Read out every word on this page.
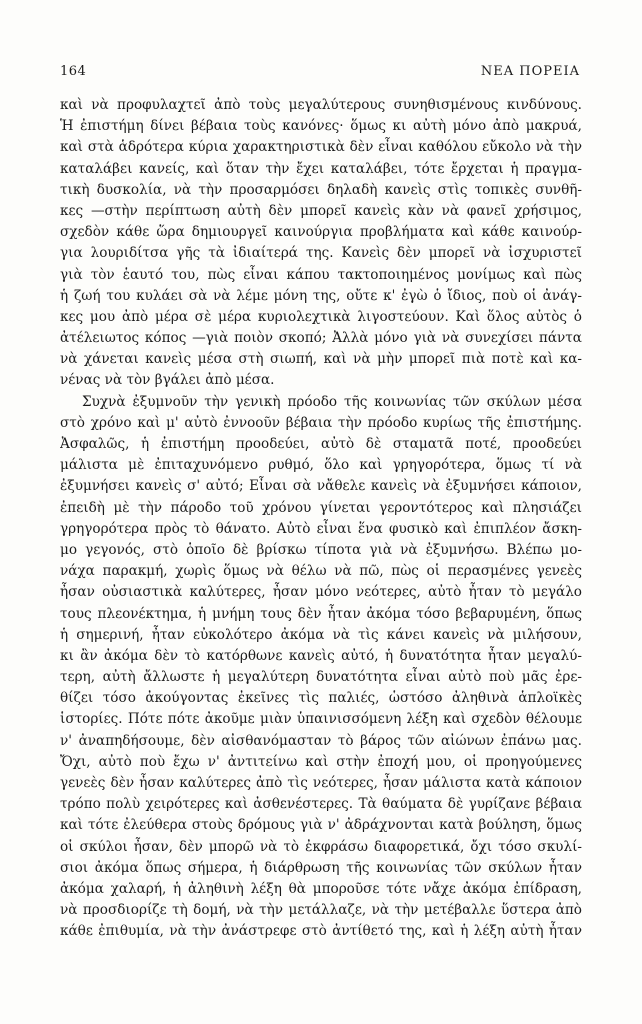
164	ΝΕΑ ΠΟΡΕΙΑ
καὶ νὰ προφυλαχτεῖ ἀπὸ τοὺς μεγαλύτερους συνηθισμένους κινδύνους.
Ἡ ἐπιστήμη δίνει βέβαια τοὺς κανόνες· ὅμως κι αὐτὴ μόνο ἀπὸ μακρυά,
καὶ στὰ ἁδρότερα κύρια χαρακτηριστικὰ δὲν εἶναι καθόλου εὔκολο νὰ τὴν
καταλάβει κανείς, καὶ ὅταν τὴν ἔχει καταλάβει, τότε ἔρχεται ἡ πραγμα-
τικὴ δυσκολία, νὰ τὴν προσαρμόσει δηλαδὴ κανεὶς στὶς τοπικὲς συνθῆ-
κες —στὴν περίπτωση αὐτὴ δὲν μπορεῖ κανεὶς κὰν νὰ φανεῖ χρήσιμος,
σχεδὸν κάθε ὥρα δημιουργεῖ καινούργια προβλήματα καὶ κάθε καινούρ-
για λουριδίτσα γῆς τὰ ἰδιαίτερά της. Κανεὶς δὲν μπορεῖ νὰ ἰσχυριστεῖ
γιὰ τὸν ἑαυτό του, πὼς εἶναι κάπου τακτοποιημένος μονίμως καὶ πὼς
ἡ ζωή του κυλάει σὰ νὰ λέμε μόνη της, οὔτε κ' ἐγὼ ὁ ἴδιος, ποὺ οἱ ἀνάγ-
κες μου ἀπὸ μέρα σὲ μέρα κυριολεχτικὰ λιγοστεύουν. Καὶ ὅλος αὐτὸς ὁ
ἀτέλειωτος κόπος —γιὰ ποιὸν σκοπό; Ἀλλὰ μόνο γιὰ νὰ συνεχίσει πάντα
νὰ χάνεται κανεὶς μέσα στὴ σιωπή, καὶ νὰ μὴν μπορεῖ πιὰ ποτὲ καὶ κα-
νένας νὰ τὸν βγάλει ἀπὸ μέσα.
Συχνὰ ἐξυμνοῦν τὴν γενικὴ πρόοδο τῆς κοινωνίας τῶν σκύλων μέσα
στὸ χρόνο καὶ μ' αὐτὸ ἐννοοῦν βέβαια τὴν πρόοδο κυρίως τῆς ἐπιστήμης.
Ἀσφαλῶς, ἡ ἐπιστήμη προοδεύει, αὐτὸ δὲ σταματᾶ ποτέ, προοδεύει
μάλιστα μὲ ἐπιταχυνόμενο ρυθμό, ὅλο καὶ γρηγορότερα, ὅμως τί νὰ
ἐξυμνήσει κανεὶς σ' αὐτό; Εἶναι σὰ νἄθελε κανεὶς νὰ ἐξυμνήσει κάποιον,
ἐπειδὴ μὲ τὴν πάροδο τοῦ χρόνου γίνεται γεροντότερος καὶ πλησιάζει
γρηγορότερα πρὸς τὸ θάνατο. Αὐτὸ εἶναι ἕνα φυσικὸ καὶ ἐπιπλέον ἄσκη-
μο γεγονός, στὸ ὁποῖο δὲ βρίσκω τίποτα γιὰ νὰ ἐξυμνήσω. Βλέπω μο-
νάχα παρακμή, χωρὶς ὅμως νὰ θέλω νὰ πῶ, πὼς οἱ περασμένες γενεὲς
ἦσαν οὐσιαστικὰ καλύτερες, ἦσαν μόνο νεότερες, αὐτὸ ἦταν τὸ μεγάλο
τους πλεονέκτημα, ἡ μνήμη τους δὲν ἦταν ἀκόμα τόσο βεβαρυμένη, ὅπως
ἡ σημερινή, ἦταν εὐκολότερο ἀκόμα νὰ τὶς κάνει κανεὶς νὰ μιλήσουν,
κι ἂν ἀκόμα δὲν τὸ κατόρθωνε κανεὶς αὐτό, ἡ δυνατότητα ἦταν μεγαλύ-
τερη, αὐτὴ ἄλλωστε ἡ μεγαλύτερη δυνατότητα εἶναι αὐτὸ ποὺ μᾶς ἐρε-
θίζει τόσο ἀκούγοντας ἐκεῖνες τὶς παλιές, ὡστόσο ἀληθινὰ ἁπλοϊκὲς
ἱστορίες. Πότε πότε ἀκοῦμε μιὰν ὑπαινισσόμενη λέξη καὶ σχεδὸν θέλουμε
ν' ἀναπηδήσουμε, δὲν αἰσθανόμασταν τὸ βάρος τῶν αἰώνων ἐπάνω μας.
Ὄχι, αὐτὸ ποὺ ἔχω ν' ἀντιτείνω καὶ στὴν ἐποχή μου, οἱ προηγούμενες
γενεὲς δὲν ἦσαν καλύτερες ἀπὸ τὶς νεότερες, ἦσαν μάλιστα κατὰ κάποιον
τρόπο πολὺ χειρότερες καὶ ἀσθενέστερες. Τὰ θαύματα δὲ γυρίζανε βέβαια
καὶ τότε ἐλεύθερα στοὺς δρόμους γιὰ ν' ἀδράχνονται κατὰ βούληση, ὅμως
οἱ σκύλοι ἦσαν, δὲν μπορῶ νὰ τὸ ἐκφράσω διαφορετικά, ὄχι τόσο σκυλί-
σιοι ἀκόμα ὅπως σήμερα, ἡ διάρθρωση τῆς κοινωνίας τῶν σκύλων ἦταν
ἀκόμα χαλαρή, ἡ ἀληθινὴ λέξη θὰ μποροῦσε τότε νἄχε ἀκόμα ἐπίδραση,
νὰ προσδιορίζε τὴ δομή, νὰ τὴν μετάλλαζε, νὰ τὴν μετέβαλλε ὕστερα ἀπὸ
κάθε ἐπιθυμία, νὰ τὴν ἀνάστρεφε στὸ ἀντίθετό της, καὶ ἡ λέξη αὐτὴ ἦταν
